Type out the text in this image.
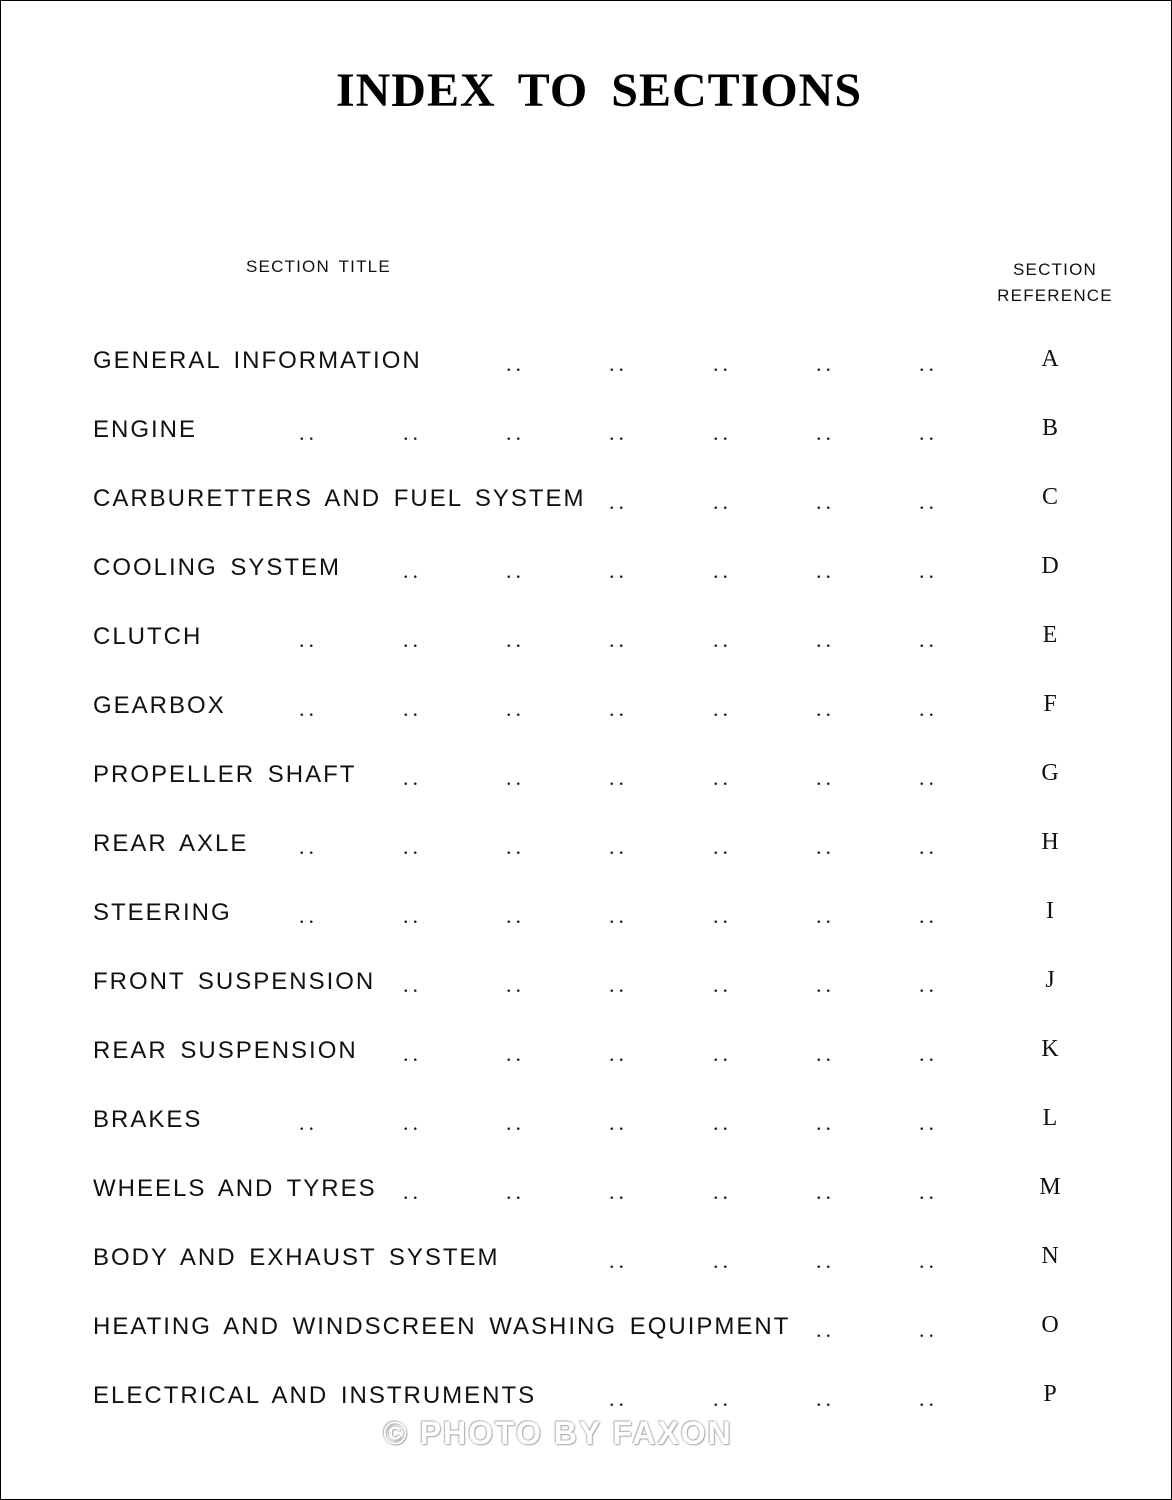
INDEX TO SECTIONS
SECTION TITLE	SECTION
REFERENCE
GENERAL INFORMATION	..	..	..	..	..	A
ENGINE	..	..	..	..	..	..	..	B
CARBURETTERS AND FUEL SYSTEM ..	..	..	..	C
COOLING SYSTEM	..	..	..	..	..	..	D
CLUTCH	..	..	..	..	..	..	..	E
GEARBOX	..	..	..	..	..	..	..	F
PROPELLER SHAFT ..	..	..	..	..	..	G
REAR AXLE ..	..	..	..	..	..	..	H
STEERING	..	..	..	..	..	..	..	I
FRONT SUSPENSION ..	..	..	..	..	..	J
REAR SUSPENSION ..	..	..	..	..	..	K
BRAKES	..	..	..	..	..	..	..	L
WHEELS AND TYRES ..	..	..	..	..	..	M
BODY AND EXHAUST SYSTEM	..	..	..	..	N
HEATING AND WINDSCREEN WASHING EQUIPMENT ..	..	O
ELECTRICAL AND INSTRUMENTS	..	..	..	..	P
© PHOTO BY FAXON
